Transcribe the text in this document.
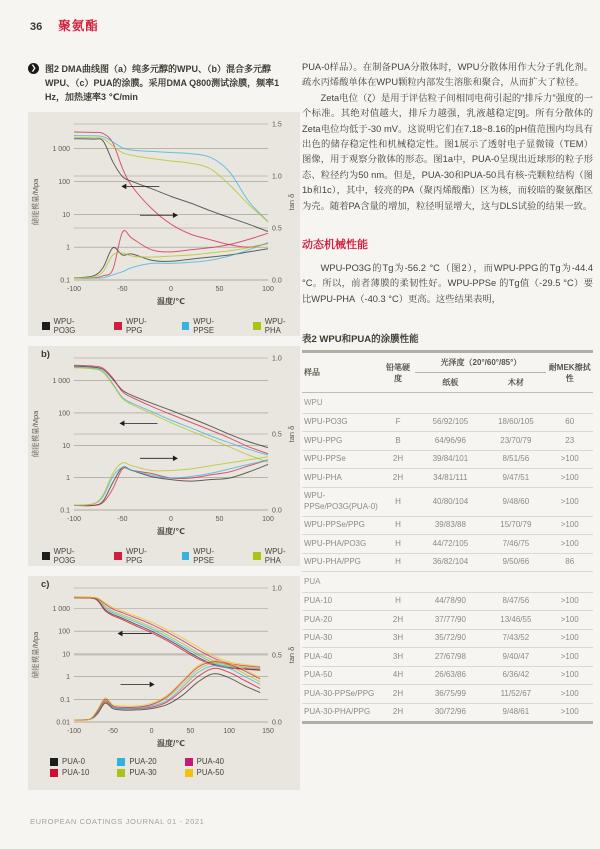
36 聚氨酯
❯ 图2 DMA曲线图（a）纯多元醇的WPU、（b）混合多元醇WPU、（c）PUA的涂膜。采用DMA Q800测试涂膜，频率1 Hz，加热速率3 ℃/min
0.1
1
10
100
1 000
0.0
0.5
1.0
1.5
-100	-50	0	50	100
储能模量/Mpa	tan δ
温度/℃
WPU-PO3G
WPU-PPG
WPU-PPSE
WPU-PHA
b)
0.1
1
10
100
1 000
0.0
0.5
1.0
-100	-50	0	50	100
储能模量/Mpa	tan δ
温度/℃
WPU-PO3G
WPU-PPG
WPU-PPSE
WPU-PHA
c)
0.01
0.1
1
10
100
1 000
0.0
0.5
1.0
-100	-50	0	50	100	150
储能模量/Mpa	tan δ
温度/℃
PUA-0
PUA-10
PUA-20
PUA-30
PUA-40
PUA-50

PUA-0样品）。在制备PUA分散体时，WPU分散体用作大分子乳化剂。疏水丙烯酸单体在WPU颗粒内部发生溶胀和聚合，从而扩大了粒径。

Zeta电位（ζ）是用于评估粒子间相同电荷引起的“排斥力”强度的一个标准。其绝对值越大，排斥力越强，乳液越稳定[9]。所有分散体的Zeta电位均低于-30 mV。这说明它们在7.18~8.16的pH值范围内均具有出色的储存稳定性和机械稳定性。图1展示了透射电子显微镜（TEM）图像，用于观察分散体的形态。图1a中，PUA-0呈现出近球形的粒子形态、粒径约为50 nm。但是，PUA-30和PUA-50具有核-壳颗粒结构（图1b和1c），其中，较亮的PA（聚丙烯酸酯）区为核，而较暗的聚氨酯区为壳。随着PA含量的增加，粒径明显增大，这与DLS试验的结果一致。

动态机械性能

WPU-PO3G的Tg为-56.2 °C（图2），而WPU-PPG的Tg为-44.4 °C。所以，前者薄膜的柔韧性好。WPU-PPSe 的Tg值（-29.5 °C）要比WPU-PHA（-40.3 °C）更高。这些结果表明，

表2 WPU和PUA的涂膜性能
样品	铅笔硬度	光泽度（20°/60°/85°）		耐MEK擦拭性
		纸板	木材	
WPU				
WPU-PO3G	F	56/92/105	18/60/105	60
WPU-PPG	B	64/96/96	23/70/79	23
WPU-PPSe	2H	39/84/101	8/51/56	>100
WPU-PHA	2H	34/81/111	9/47/51	>100
WPU-PPSe/PO3G(PUA-0)	H	40/80/104	9/48/60	>100
WPU-PPSe/PPG	H	39/83/88	15/70/79	>100
WPU-PHA/PO3G	H	44/72/105	7/46/75	>100
WPU-PHA/PPG	H	36/82/104	9/50/66	86
PUA				
PUA-10	H	44/78/90	8/47/56	>100
PUA-20	2H	37/77/90	13/46/55	>100
PUA-30	3H	35/72/90	7/43/52	>100
PUA-40	3H	27/67/98	9/40/47	>100
PUA-50	4H	26/63/86	6/36/42	>100
PUA-30-PPSe/PPG	2H	36/75/99	11/52/67	>100
PUA-30-PHA/PPG	2H	30/72/96	9/48/61	>100
EUROPEAN COATINGS JOURNAL 01 - 2021
